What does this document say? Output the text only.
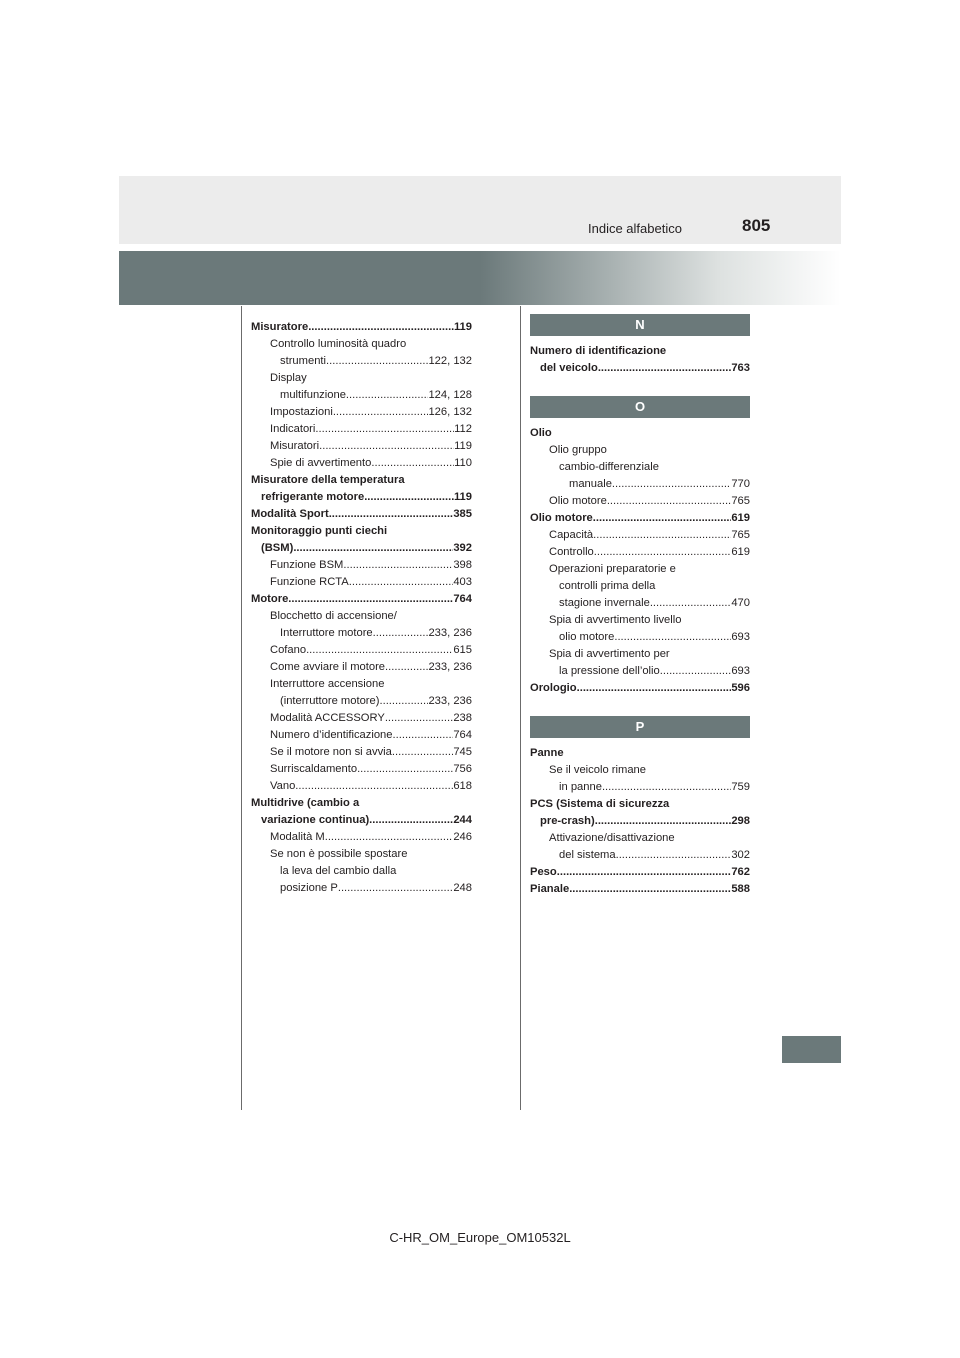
Indice alfabetico	805
Misuratore .....	119
Controllo luminosità quadro
strumenti .....	122, 132
Display
multifunzione .....	124, 128
Impostazioni .....	126, 132
Indicatori .....	112
Misuratori .....	119
Spie di avvertimento .....	110
Misuratore della temperatura
refrigerante motore .....	119
Modalità Sport .....	385
Monitoraggio punti ciechi
(BSM) .....	392
Funzione BSM .....	398
Funzione RCTA .....	403
Motore .....	764
Blocchetto di accensione/
Interruttore motore .....	233, 236
Cofano .....	615
Come avviare il motore .....	233, 236
Interruttore accensione
(interruttore motore) .....	233, 236
Modalità ACCESSORY .....	238
Numero d’identificazione .....	764
Se il motore non si avvia .....	745
Surriscaldamento .....	756
Vano .....	618
Multidrive (cambio a
variazione continua) .....	244
Modalità M .....	246
Se non è possibile spostare
la leva del cambio dalla
posizione P .....	248
N
Numero di identificazione
del veicolo .....	763
O
Olio
Olio gruppo
cambio-differenziale
manuale .....	770
Olio motore .....	765
Olio motore .....	619
Capacità .....	765
Controllo .....	619
Operazioni preparatorie e
controlli prima della
stagione invernale .....	470
Spia di avvertimento livello
olio motore .....	693
Spia di avvertimento per
la pressione dell’olio .....	693
Orologio .....	596
P
Panne
Se il veicolo rimane
in panne .....	759
PCS (Sistema di sicurezza
pre-crash) .....	298
Attivazione/disattivazione
del sistema .....	302
Peso .....	762
Pianale .....	588
C-HR_OM_Europe_OM10532L
